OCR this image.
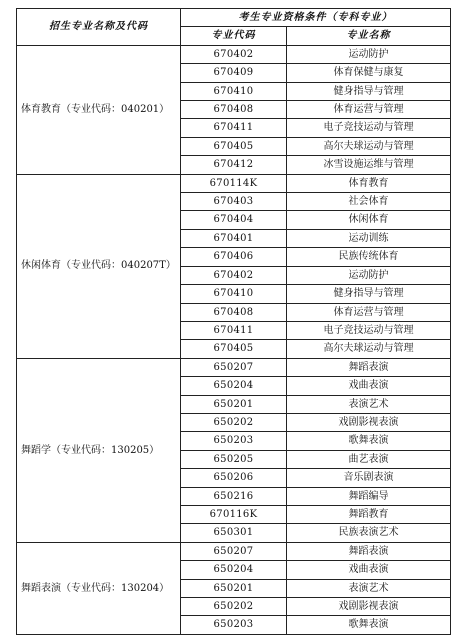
招生专业名称及代码	考生专业资格条件（专科专业）	
	专业代码	专业名称
体育教育（专业代码：040201）	670402	运动防护
	670409	体育保健与康复
	670410	健身指导与管理
	670408	体育运营与管理
	670411	电子竞技运动与管理
	670405	高尔夫球运动与管理
	670412	冰雪设施运维与管理
休闲体育（专业代码：040207T）	670114K	体育教育
	670403	社会体育
	670404	休闲体育
	670401	运动训练
	670406	民族传统体育
	670402	运动防护
	670410	健身指导与管理
	670408	体育运营与管理
	670411	电子竞技运动与管理
	670405	高尔夫球运动与管理
舞蹈学（专业代码：130205）	650207	舞蹈表演
	650204	戏曲表演
	650201	表演艺术
	650202	戏剧影视表演
	650203	歌舞表演
	650205	曲艺表演
	650206	音乐剧表演
	650216	舞蹈编导
	670116K	舞蹈教育
	650301	民族表演艺术
舞蹈表演（专业代码：130204）	650207	舞蹈表演
	650204	戏曲表演
	650201	表演艺术
	650202	戏剧影视表演
	650203	歌舞表演
